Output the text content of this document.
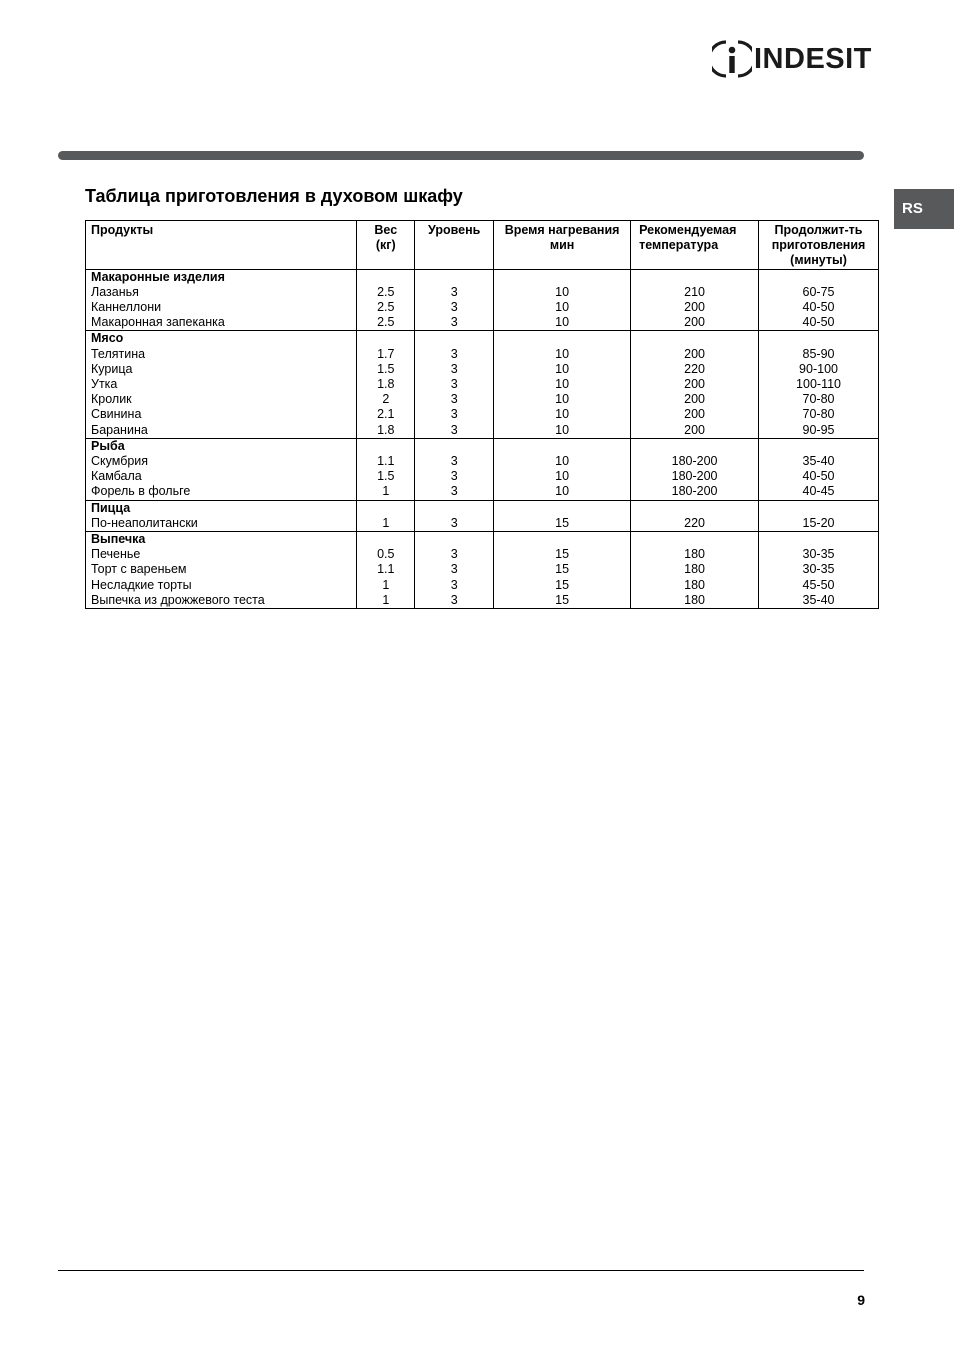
INDESIT
RS
Таблица приготовления в духовом шкафу
Продукты	Вес (кг)	Уровень	Время нагревания мин	Рекомендуемая температура	Продолжит-ть приготовления (минуты)
Макаронные изделия					
Лазанья	2.5	3	10	210	60-75
Каннеллони	2.5	3	10	200	40-50
Макаронная запеканка	2.5	3	10	200	40-50
Мясо					
Телятина	1.7	3	10	200	85-90
Курица	1.5	3	10	220	90-100
Утка	1.8	3	10	200	100-110
Кролик	2	3	10	200	70-80
Свинина	2.1	3	10	200	70-80
Баранина	1.8	3	10	200	90-95
Рыба					
Скумбрия	1.1	3	10	180-200	35-40
Камбала	1.5	3	10	180-200	40-50
Форель в фольге	1	3	10	180-200	40-45
Пицца					
По-неаполитански	1	3	15	220	15-20
Выпечка					
Печенье	0.5	3	15	180	30-35
Торт с вареньем	1.1	3	15	180	30-35
Несладкие торты	1	3	15	180	45-50
Выпечка из дрожжевого теста	1	3	15	180	35-40
9
